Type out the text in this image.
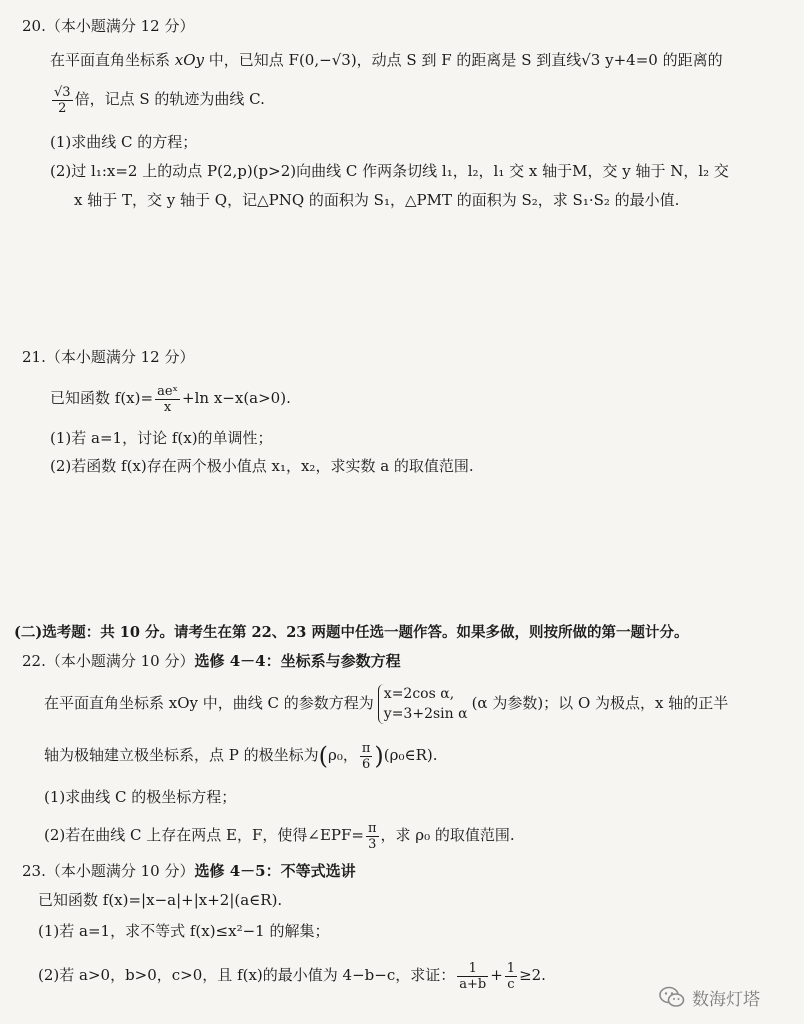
20.（本小题满分 12 分）
在平面直角坐标系 xOy 中，已知点 F(0,−√3)，动点 S 到 F 的距离是 S 到直线√3 y+4=0 的距离的
$\frac{√3}{2}$ 倍，记点 S 的轨迹为曲线 C.
(1)求曲线 C 的方程；
(2)过 l₁:x=2 上的动点 P(2,p)(p>2)向曲线 C 作两条切线 l₁，l₂，l₁ 交 x 轴于M，交 y 轴于 N，l₂ 交
x 轴于 T，交 y 轴于 Q，记△PNQ 的面积为 S₁，△PMT 的面积为 S₂，求 S₁·S₂ 的最小值.
21.（本小题满分 12 分）
已知函数 $f(x)= \frac{\text{aeˣ}}{x} +\ln$ x−x(a>0).
(1)若 a=1，讨论 f(x)的单调性；
(2)若函数 f(x)存在两个极小值点 x₁，x₂，求实数 a 的取值范围.
(二)选考题：共 10 分。请考生在第 22、23 两题中任选一题作答。如果多做，则按所做的第一题计分。
22.（本小题满分 10 分）选修 4－4：坐标系与参数方程
在平面直角坐标系 xOy 中，曲线 C 的参数方程为 x=2cos α,
y=3+2sin α
(α 为参数)；以 O 为极点，x 轴的正半
轴为极轴建立极坐标系，点 P 的极坐标为(ρ₀， $\frac{\pi}{6}$ )(ρ₀∈R).
(1)求曲线 C 的极坐标方程；
(2)若在曲线 C 上存在两点 E，F，使得∠EPF= $\frac{\pi}{3}$ ，求 ρ₀ 的取值范围.
23.（本小题满分 10 分）选修 4－5：不等式选讲
已知函数 f(x)=|x−a|+|x+2|(a∈R).
(1)若 a=1，求不等式 f(x)≤x²−1 的解集；
(2)若 a>0，b>0，c>0，且 f(x)的最小值为 4−b−c，求证： $\frac{1}{a+b} + \frac{1}{c} \ge 2$.
数海灯塔
